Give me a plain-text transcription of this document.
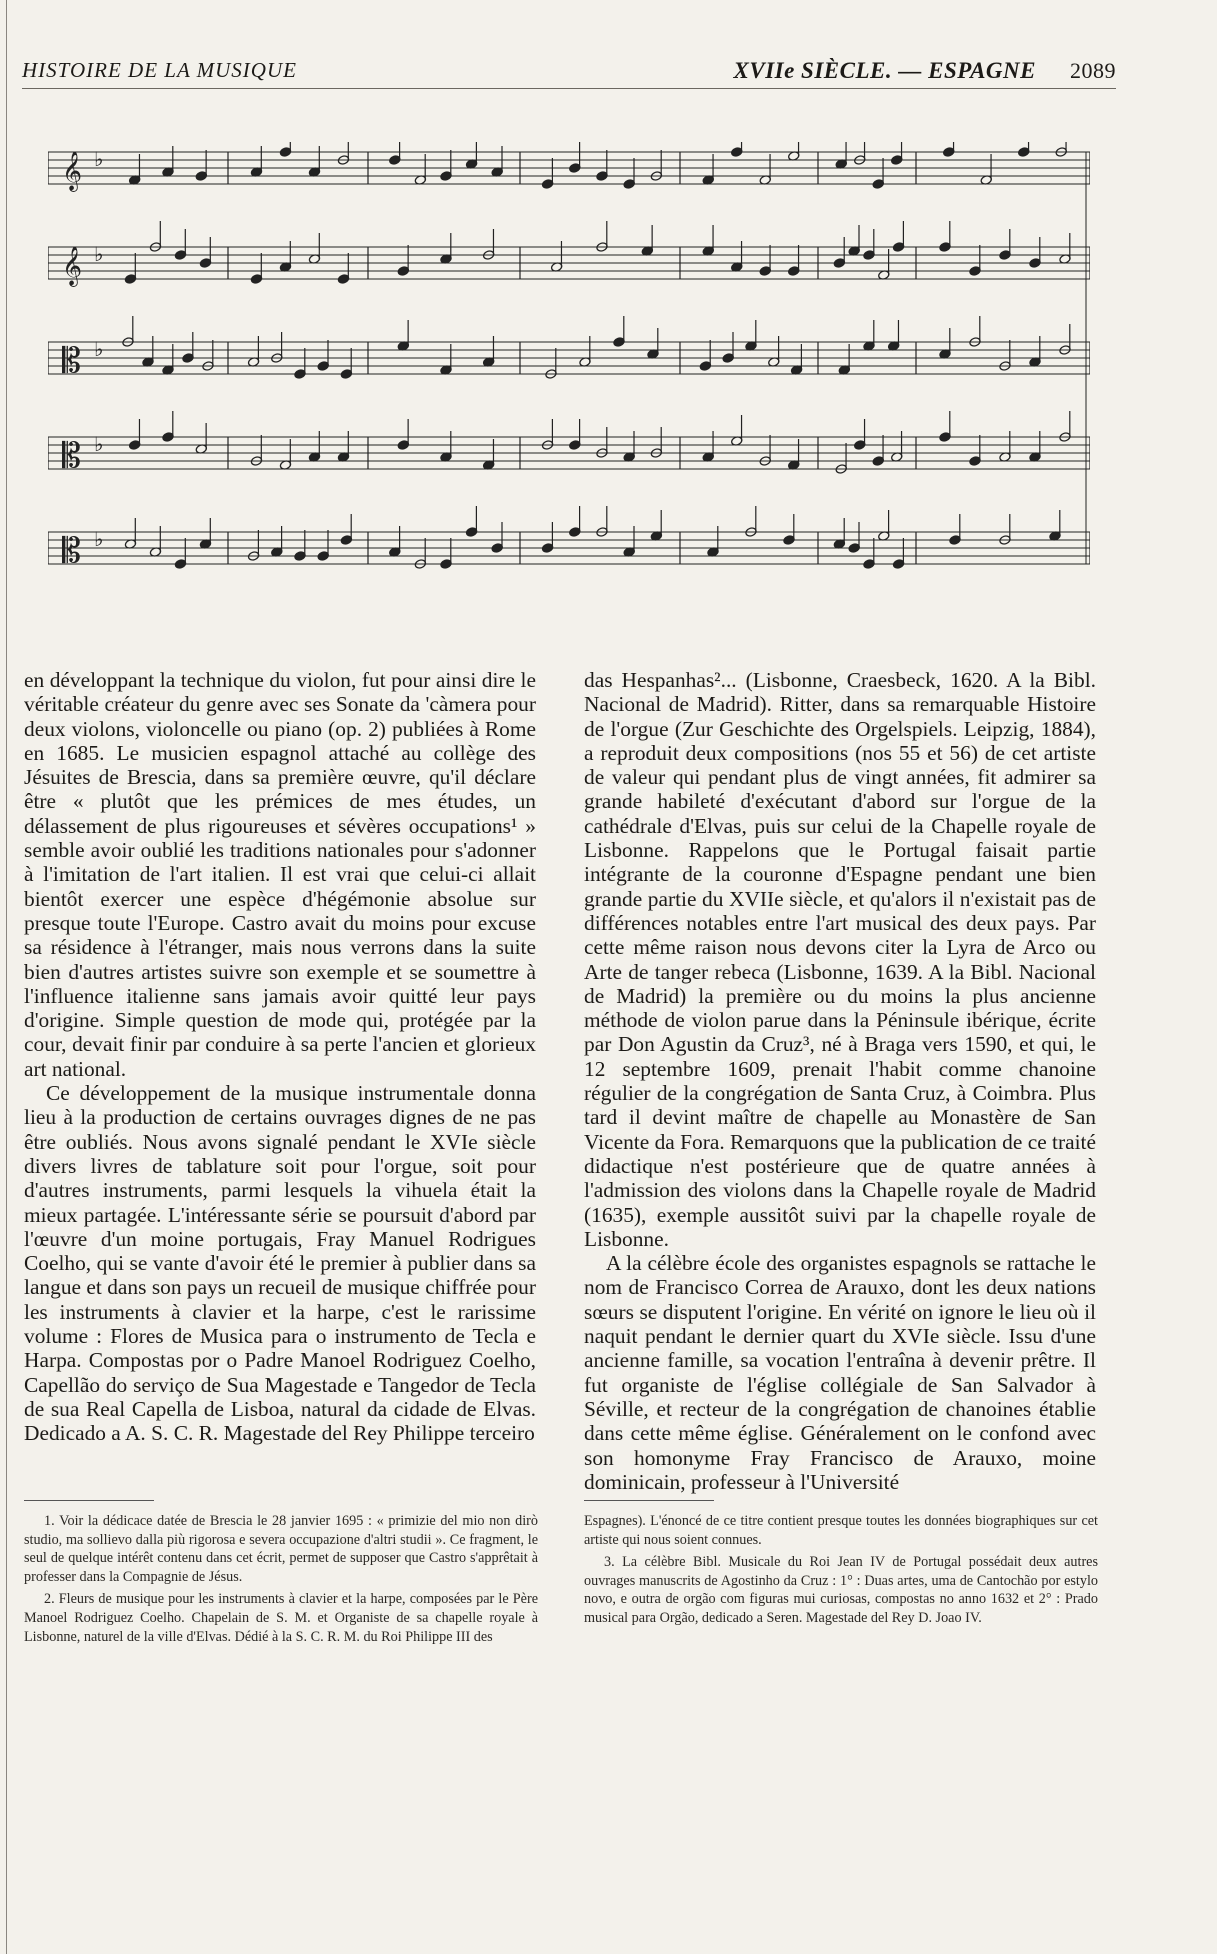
HISTOIRE DE LA MUSIQUE	XVIIe SIÈCLE. — ESPAGNE 2089
𝄞 ♭
𝄞 ♭
𝄡 ♭
𝄡 ♭
𝄡 ♭

en développant la technique du violon, fut pour ainsi dire le véritable créateur du genre avec ses Sonate da 'càmera pour deux violons, violoncelle ou piano (op. 2) publiées à Rome en 1685. Le musicien espagnol attaché au collège des Jésuites de Brescia, dans sa première œuvre, qu'il déclare être « plutôt que les prémices de mes études, un délassement de plus rigoureuses et sévères occupations¹ » semble avoir oublié les traditions nationales pour s'adonner à l'imitation de l'art italien. Il est vrai que celui-ci allait bientôt exercer une espèce d'hégémonie absolue sur presque toute l'Europe. Castro avait du moins pour excuse sa résidence à l'étranger, mais nous verrons dans la suite bien d'autres artistes suivre son exemple et se soumettre à l'influence italienne sans jamais avoir quitté leur pays d'origine. Simple question de mode qui, protégée par la cour, devait finir par conduire à sa perte l'ancien et glorieux art national.

Ce développement de la musique instrumentale donna lieu à la production de certains ouvrages dignes de ne pas être oubliés. Nous avons signalé pendant le XVIe siècle divers livres de tablature soit pour l'orgue, soit pour d'autres instruments, parmi lesquels la vihuela était la mieux partagée. L'intéressante série se poursuit d'abord par l'œuvre d'un moine portugais, Fray Manuel Rodrigues Coelho, qui se vante d'avoir été le premier à publier dans sa langue et dans son pays un recueil de musique chiffrée pour les instruments à clavier et la harpe, c'est le rarissime volume : Flores de Musica para o instrumento de Tecla e Harpa. Compostas por o Padre Manoel Rodriguez Coelho, Capellão do serviço de Sua Magestade e Tangedor de Tecla de sua Real Capella de Lisboa, natural da cidade de Elvas. Dedicado a A. S. C. R. Magestade del Rey Philippe terceiro

das Hespanhas²... (Lisbonne, Craesbeck, 1620. A la Bibl. Nacional de Madrid). Ritter, dans sa remarquable Histoire de l'orgue (Zur Geschichte des Orgelspiels. Leipzig, 1884), a reproduit deux compositions (nos 55 et 56) de cet artiste de valeur qui pendant plus de vingt années, fit admirer sa grande habileté d'exécutant d'abord sur l'orgue de la cathédrale d'Elvas, puis sur celui de la Chapelle royale de Lisbonne. Rappelons que le Portugal faisait partie intégrante de la couronne d'Espagne pendant une bien grande partie du XVIIe siècle, et qu'alors il n'existait pas de différences notables entre l'art musical des deux pays. Par cette même raison nous devons citer la Lyra de Arco ou Arte de tanger rebeca (Lisbonne, 1639. A la Bibl. Nacional de Madrid) la première ou du moins la plus ancienne méthode de violon parue dans la Péninsule ibérique, écrite par Don Agustin da Cruz³, né à Braga vers 1590, et qui, le 12 septembre 1609, prenait l'habit comme chanoine régulier de la congrégation de Santa Cruz, à Coimbra. Plus tard il devint maître de chapelle au Monastère de San Vicente da Fora. Remarquons que la publication de ce traité didactique n'est postérieure que de quatre années à l'admission des violons dans la Chapelle royale de Madrid (1635), exemple aussitôt suivi par la chapelle royale de Lisbonne.

A la célèbre école des organistes espagnols se rattache le nom de Francisco Correa de Arauxo, dont les deux nations sœurs se disputent l'origine. En vérité on ignore le lieu où il naquit pendant le dernier quart du XVIe siècle. Issu d'une ancienne famille, sa vocation l'entraîna à devenir prêtre. Il fut organiste de l'église collégiale de San Salvador à Séville, et recteur de la congrégation de chanoines établie dans cette même église. Généralement on le confond avec son homonyme Fray Francisco de Arauxo, moine dominicain, professeur à l'Université

1. Voir la dédicace datée de Brescia le 28 janvier 1695 : « primizie del mio non dirò studio, ma sollievo dalla più rigorosa e severa occupazione d'altri studii ». Ce fragment, le seul de quelque intérêt contenu dans cet écrit, permet de supposer que Castro s'apprêtait à professer dans la Compagnie de Jésus.

2. Fleurs de musique pour les instruments à clavier et la harpe, composées par le Père Manoel Rodriguez Coelho. Chapelain de S. M. et Organiste de sa chapelle royale à Lisbonne, naturel de la ville d'Elvas. Dédié à la S. C. R. M. du Roi Philippe III des

Espagnes). L'énoncé de ce titre contient presque toutes les données biographiques sur cet artiste qui nous soient connues.

3. La célèbre Bibl. Musicale du Roi Jean IV de Portugal possédait deux autres ouvrages manuscrits de Agostinho da Cruz : 1° : Duas artes, uma de Cantochão por estylo novo, e outra de orgão com figuras mui curiosas, compostas no anno 1632 et 2° : Prado musical para Orgão, dedicado a Seren. Magestade del Rey D. Joao IV.
